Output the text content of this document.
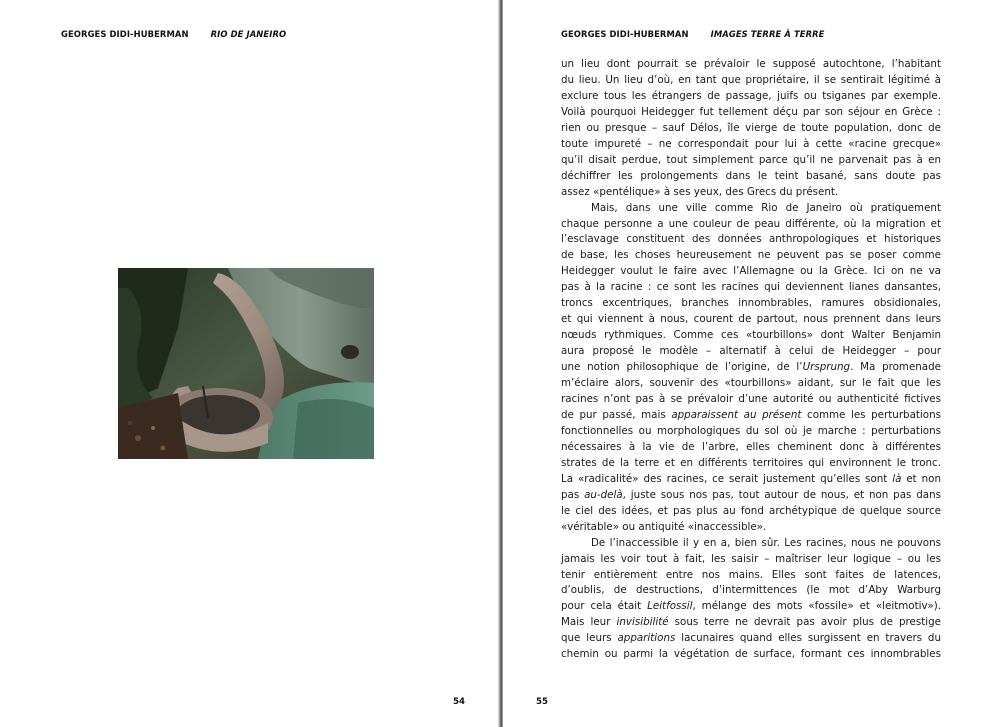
GEORGES DIDI-HUBERMAN	RIO DE JANEIRO
54
GEORGES DIDI-HUBERMAN	IMAGES TERRE À TERRE
un lieu dont pourrait se prévaloir le supposé autochtone, l’habitant
du lieu. Un lieu d’où, en tant que propriétaire, il se sentirait légitimé à
exclure tous les étrangers de passage, juifs ou tsiganes par exemple.
Voilà pourquoi Heidegger fut tellement déçu par son séjour en Grèce :
rien ou presque – sauf Délos, île vierge de toute population, donc de
toute impureté – ne correspondait pour lui à cette «racine grecque»
qu’il disait perdue, tout simplement parce qu’il ne parvenait pas à en
déchiffrer les prolongements dans le teint basané, sans doute pas
assez «pentélique» à ses yeux, des Grecs du présent.
Mais, dans une ville comme Rio de Janeiro où pratiquement
chaque personne a une couleur de peau différente, où la migration et
l’esclavage constituent des données anthropologiques et historiques
de base, les choses heureusement ne peuvent pas se poser comme
Heidegger voulut le faire avec l’Allemagne ou la Grèce. Ici on ne va
pas à la racine : ce sont les racines qui deviennent lianes dansantes,
troncs excentriques, branches innombrables, ramures obsidionales,
et qui viennent à nous, courent de partout, nous prennent dans leurs
nœuds rythmiques. Comme ces «tourbillons» dont Walter Benjamin
aura proposé le modèle – alternatif à celui de Heidegger – pour
une notion philosophique de l’origine, de l’Ursprung. Ma promenade
m’éclaire alors, souvenir des «tourbillons» aidant, sur le fait que les
racines n’ont pas à se prévaloir d’une autorité ou authenticité fictives
de pur passé, mais apparaissent au présent comme les perturbations
fonctionnelles ou morphologiques du sol où je marche : perturbations
nécessaires à la vie de l’arbre, elles cheminent donc à différentes
strates de la terre et en différents territoires qui environnent le tronc.
La «radicalité» des racines, ce serait justement qu’elles sont là et non
pas au-delà, juste sous nos pas, tout autour de nous, et non pas dans
le ciel des idées, et pas plus au fond archétypique de quelque source
«véritable» ou antiquité «inaccessible».
De l’inaccessible il y en a, bien sûr. Les racines, nous ne pouvons
jamais les voir tout à fait, les saisir – maîtriser leur logique – ou les
tenir entièrement entre nos mains. Elles sont faites de latences,
d’oublis, de destructions, d’intermittences (le mot d’Aby Warburg
pour cela était Leitfossil, mélange des mots «fossile» et «leitmotiv»).
Mais leur invisibilité sous terre ne devrait pas avoir plus de prestige
que leurs apparitions lacunaires quand elles surgissent en travers du
chemin ou parmi la végétation de surface, formant ces innombrables
55
